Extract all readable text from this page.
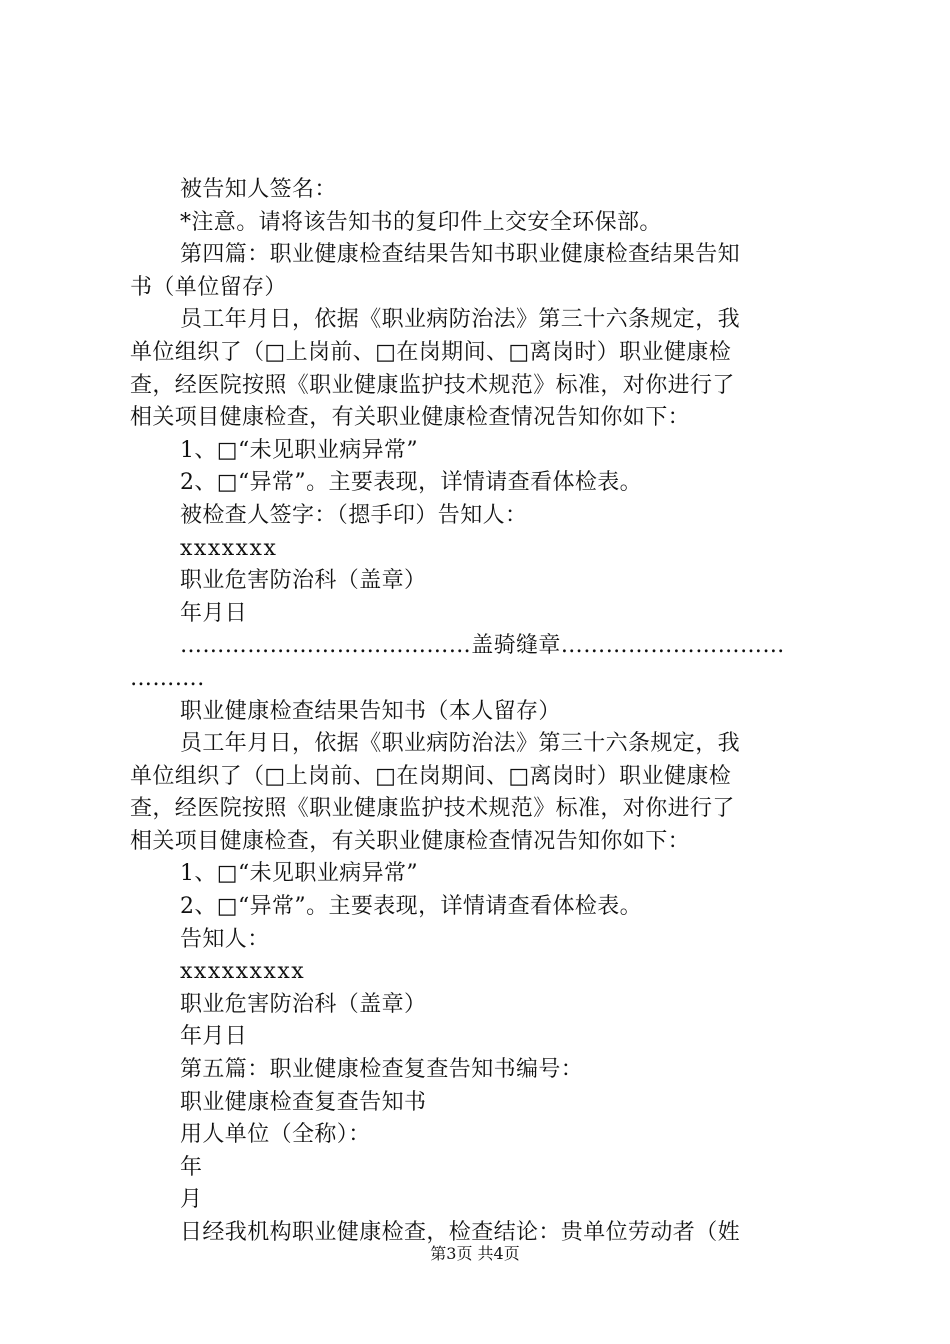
被告知人签名：
*注意。请将该告知书的复印件上交安全环保部。
第四篇：职业健康检查结果告知书职业健康检查结果告知
书（单位留存）
员工年月日，依据《职业病防治法》第三十六条规定，我
单位组织了（□上岗前、□在岗期间、□离岗时）职业健康检
查，经医院按照《职业健康监护技术规范》标准，对你进行了
相关项目健康检查，有关职业健康检查情况告知你如下：
1、□“未见职业病异常”
2、□“异常”。主要表现，详情请查看体检表。
被检查人签字：（摁手印）告知人：
xxxxxxx
职业危害防治科（盖章）
年月日
…………………………………盖骑缝章…………………………
……….
职业健康检查结果告知书（本人留存）
员工年月日，依据《职业病防治法》第三十六条规定，我
单位组织了（□上岗前、□在岗期间、□离岗时）职业健康检
查，经医院按照《职业健康监护技术规范》标准，对你进行了
相关项目健康检查，有关职业健康检查情况告知你如下：
1、□“未见职业病异常”
2、□“异常”。主要表现，详情请查看体检表。
告知人：
xxxxxxxxx
职业危害防治科（盖章）
年月日
第五篇：职业健康检查复查告知书编号：
职业健康检查复查告知书
用人单位（全称）：
年
月
日经我机构职业健康检查，检查结论：贵单位劳动者（姓
第3页 共4页
